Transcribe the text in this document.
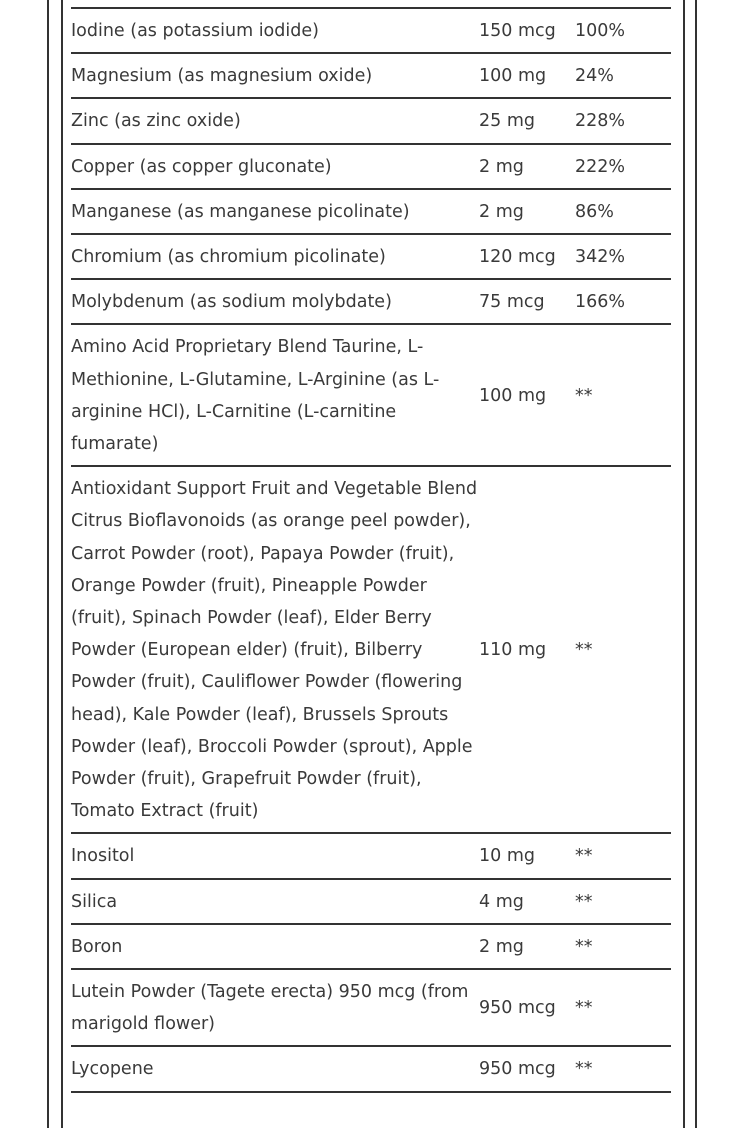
Iodine (as potassium iodide)	150 mcg	100%
Magnesium (as magnesium oxide)	100 mg	24%
Zinc (as zinc oxide)	25 mg	228%
Copper (as copper gluconate)	2 mg	222%
Manganese (as manganese picolinate)	2 mg	86%
Chromium (as chromium picolinate)	120 mcg	342%
Molybdenum (as sodium molybdate)	75 mcg	166%
Amino Acid Proprietary Blend Taurine, L-Methionine, L-Glutamine, L-Arginine (as L-arginine HCl), L-Carnitine (L-carnitine fumarate)	100 mg	**
Antioxidant Support Fruit and Vegetable Blend Citrus Bioflavonoids (as orange peel powder), Carrot Powder (root), Papaya Powder (fruit), Orange Powder (fruit), Pineapple Powder (fruit), Spinach Powder (leaf), Elder Berry Powder (European elder) (fruit), Bilberry Powder (fruit), Cauliflower Powder (flowering head), Kale Powder (leaf), Brussels Sprouts Powder (leaf), Broccoli Powder (sprout), Apple Powder (fruit), Grapefruit Powder (fruit), Tomato Extract (fruit)	110 mg	**
Inositol	10 mg	**
Silica	4 mg	**
Boron	2 mg	**
Lutein Powder (Tagete erecta) 950 mcg (from marigold flower)	950 mcg	**
Lycopene	950 mcg	**
